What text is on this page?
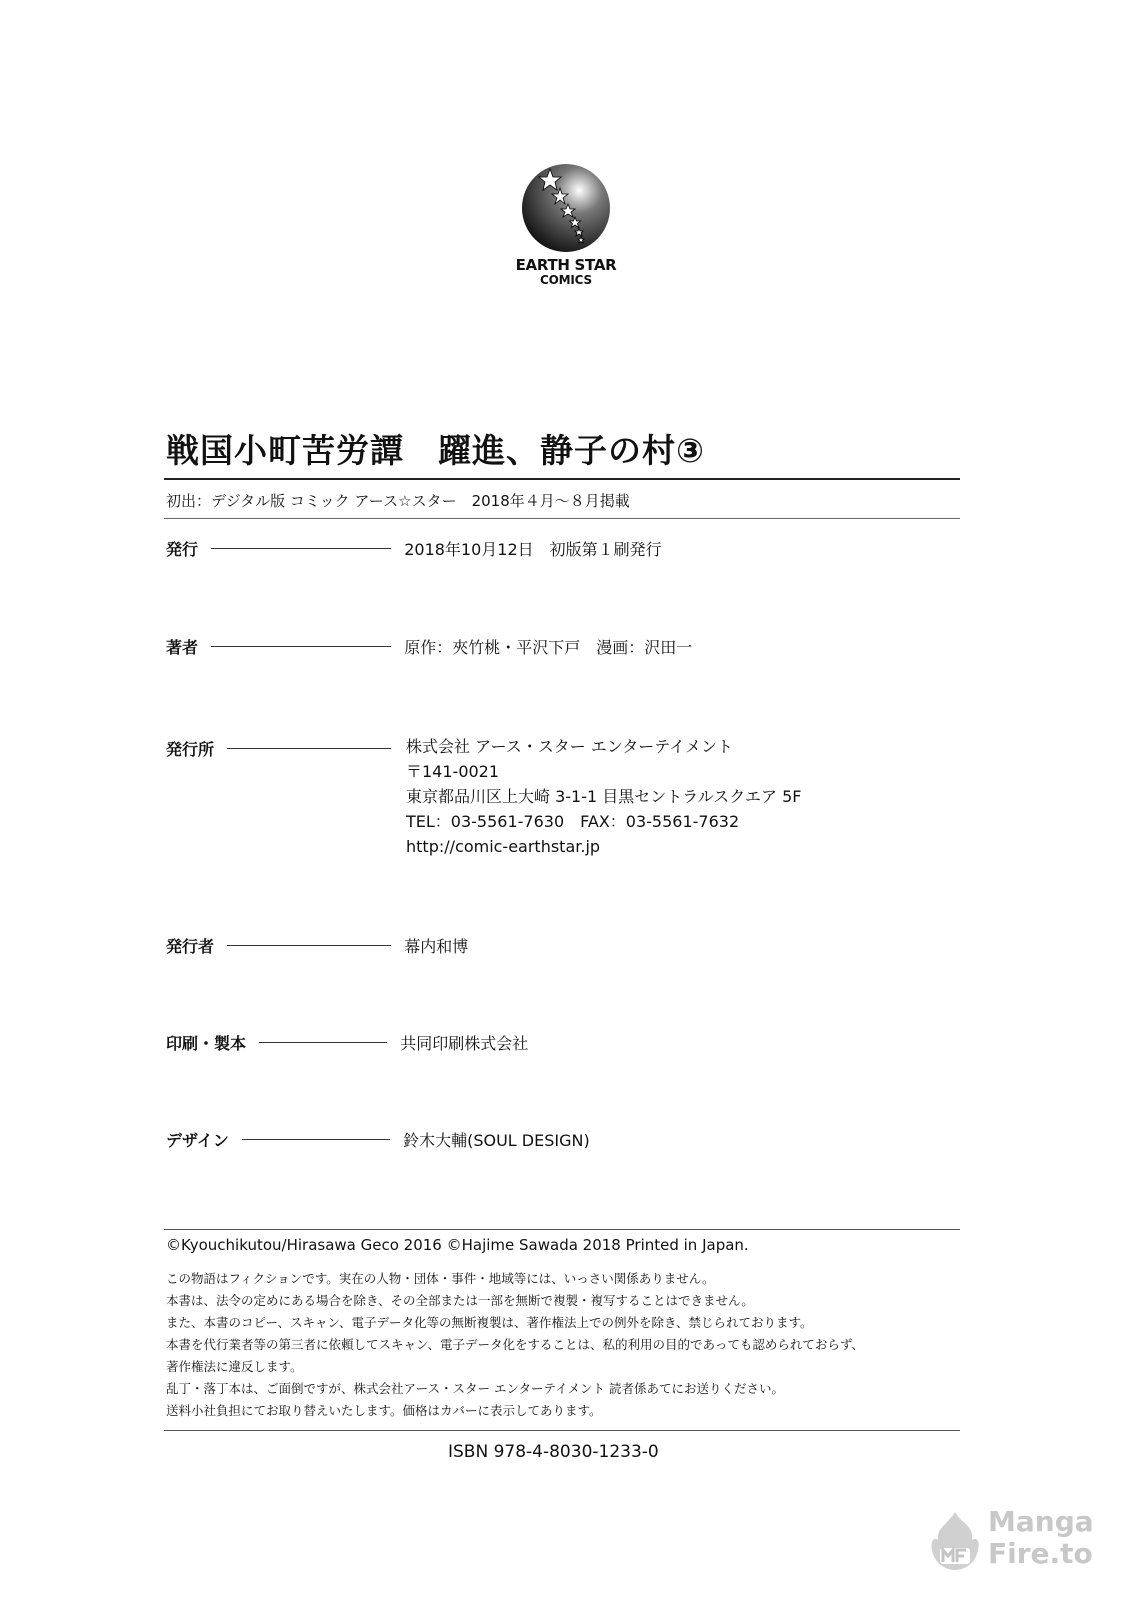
EARTH STAR
COMICS
戦国小町苦労譚　躍進、静子の村③
初出：デジタル版 コミック アース☆スター　2018年４月～８月掲載
発行	2018年10月12日　初版第１刷発行
著者	原作：夾竹桃・平沢下戸　漫画：沢田一
発行所	株式会社 アース・スター エンターテイメント
〒141-0021
東京都品川区上大崎 3-1-1 目黒セントラルスクエア 5F
TEL：03-5561-7630　FAX：03-5561-7632
http://comic-earthstar.jp
発行者	幕内和博
印刷・製本	共同印刷株式会社
デザイン	鈴木大輔(SOUL DESIGN)
©Kyouchikutou/Hirasawa Geco 2016 ©Hajime Sawada 2018 Printed in Japan.
この物語はフィクションです。実在の人物・団体・事件・地域等には、いっさい関係ありません。
本書は、法令の定めにある場合を除き、その全部または一部を無断で複製・複写することはできません。
また、本書のコピー、スキャン、電子データ化等の無断複製は、著作権法上での例外を除き、禁じられております。
本書を代行業者等の第三者に依頼してスキャン、電子データ化をすることは、私的利用の目的であっても認められておらず、
著作権法に違反します。
乱丁・落丁本は、ご面倒ですが、株式会社アース・スター エンターテイメント 読者係あてにお送りください。
送料小社負担にてお取り替えいたします。価格はカバーに表示してあります。
ISBN 978-4-8030-1233-0
Manga
Fire.to
